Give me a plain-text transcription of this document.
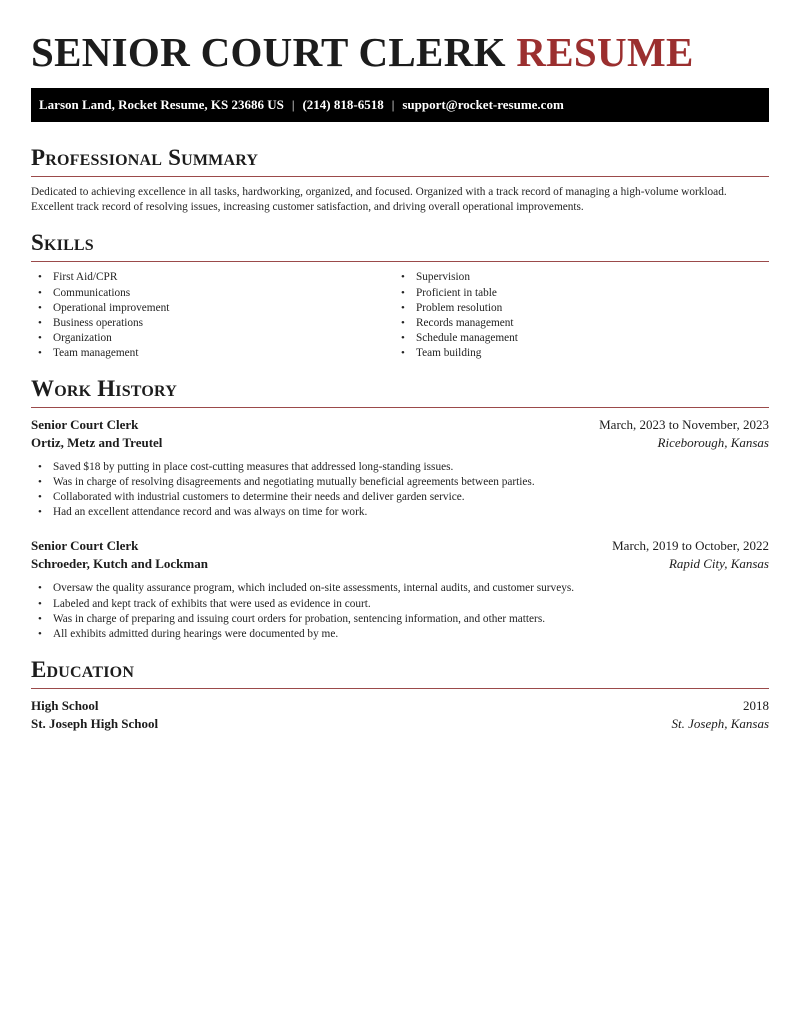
SENIOR COURT CLERK RESUME
Larson Land, Rocket Resume, KS 23686 US | (214) 818-6518 | support@rocket-resume.com
Professional Summary

Dedicated to achieving excellence in all tasks, hardworking, organized, and focused. Organized with a track record of managing a high-volume workload. Excellent track record of resolving issues, increasing customer satisfaction, and driving overall operational improvements.

Skills
• First Aid/CPR
• Communications
• Operational improvement
• Business operations
• Organization
• Team management
• Supervision
• Proficient in table
• Problem resolution
• Records management
• Schedule management
• Team building
Work History
Senior Court Clerk	March, 2023 to November, 2023
Ortiz, Metz and Treutel	Riceborough, Kansas
• Saved $18 by putting in place cost-cutting measures that addressed long-standing issues.
• Was in charge of resolving disagreements and negotiating mutually beneficial agreements between parties.
• Collaborated with industrial customers to determine their needs and deliver garden service.
• Had an excellent attendance record and was always on time for work.
Senior Court Clerk	March, 2019 to October, 2022
Schroeder, Kutch and Lockman	Rapid City, Kansas
• Oversaw the quality assurance program, which included on-site assessments, internal audits, and customer surveys.
• Labeled and kept track of exhibits that were used as evidence in court.
• Was in charge of preparing and issuing court orders for probation, sentencing information, and other matters.
• All exhibits admitted during hearings were documented by me.
Education
High School	2018
St. Joseph High School	St. Joseph, Kansas
